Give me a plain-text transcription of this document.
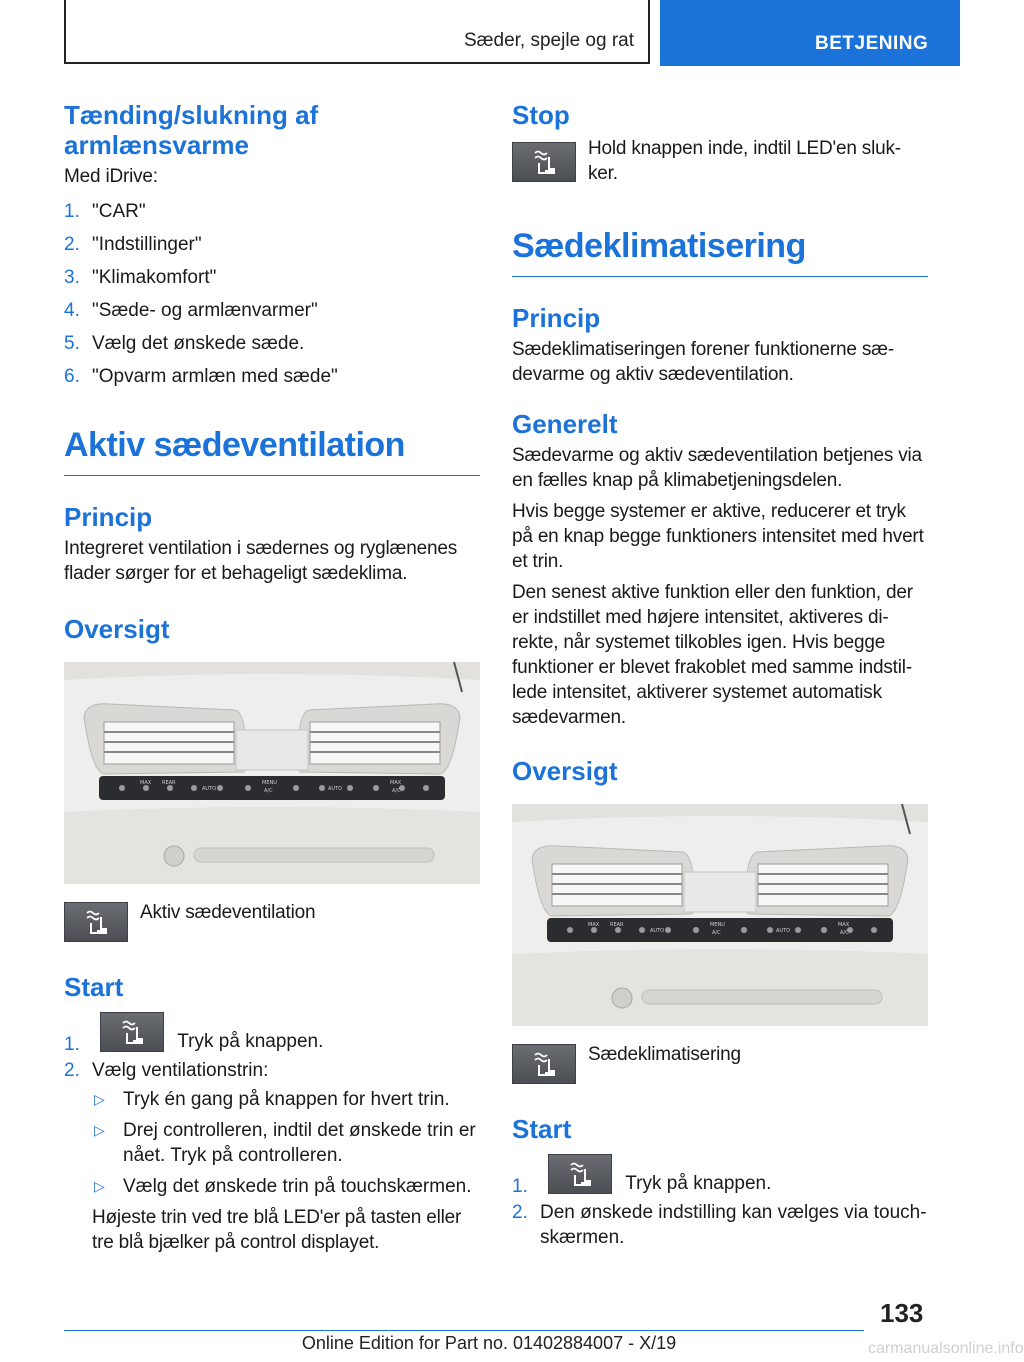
Sæder, spejle og rat	BETJENING
Tænding/slukning af armlænsvarme

Med iDrive:

1. "CAR"
2. "Indstillinger"
3. "Klimakomfort"
4. "Sæde- og armlænvarmer"
5. Vælg det ønskede sæde.
6. "Opvarm armlæn med sæde"
Aktiv sædeventilation
Princip

Integreret ventilation i sædernes og ryglænenes flader sørger for et behageligt sædeklima.

Oversigt
MAX REAR
AUTO
MENU
A/C	AUTO
MAX
A/C

Aktiv sædeventilation

Start
1.	Tryk på knappen.
2. Vælg ventilationstrin:
▷ Tryk én gang på knappen for hvert trin.
▷ Drej controlleren, indtil det ønskede trin er nået. Tryk på controlleren.
▷ Vælg det ønskede trin på touchskærmen.

Højeste trin ved tre blå LED'er på tasten eller tre blå bjælker på control displayet.

Stop

Hold knappen inde, indtil LED'en slukker.

Sædeklimatisering
Princip

Sædeklimatiseringen forener funktionerne sædevarme og aktiv sædeventilation.

Generelt

Sædevarme og aktiv sædeventilation betjenes via en fælles knap på klimabetjeningsdelen.

Hvis begge systemer er aktive, reducerer et tryk på en knap begge funktioners intensitet med hvert et trin.

Den senest aktive funktion eller den funktion, der er indstillet med højere intensitet, aktiveres direkte, når systemet tilkobles igen. Hvis begge funktioner er blevet frakoblet med samme indstillede intensitet, aktiverer systemet automatisk sædevarmen.

Oversigt
MAX REAR
AUTO
MENU
A/C	AUTO
MAX
A/C

Sædeklimatisering

Start
1.	Tryk på knappen.
2. Den ønskede indstilling kan vælges via touchskærmen.
133
Online Edition for Part no. 01402884007 - X/19	carmanualsonline.info
